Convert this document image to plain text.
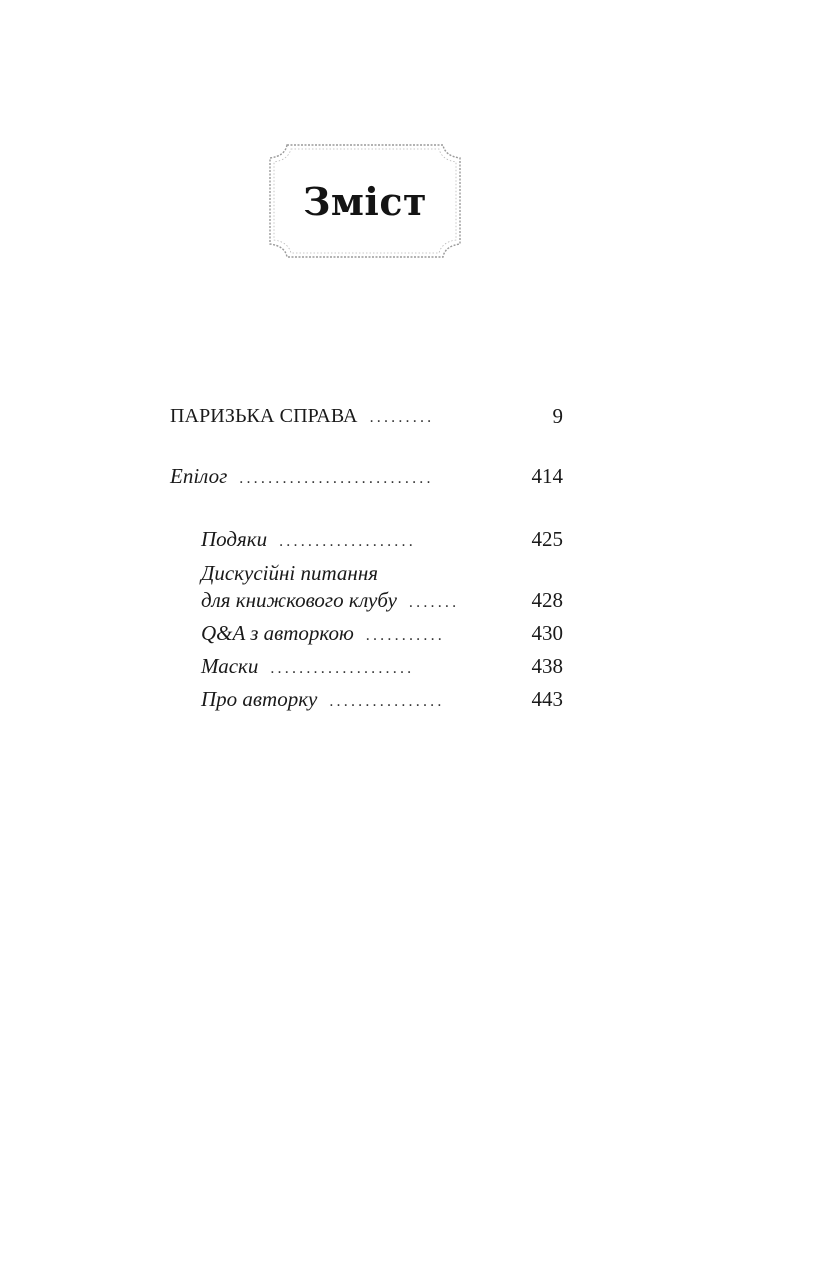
Зміст
ПАРИЗЬКА СПРАВА .........	9
Епілог ...........................	414
Подяки ...................	425
Дискусійні питання
для книжкового клубу .......	428
Q&A з авторкою ...........	430
Маски ....................	438
Про авторку ................	443
